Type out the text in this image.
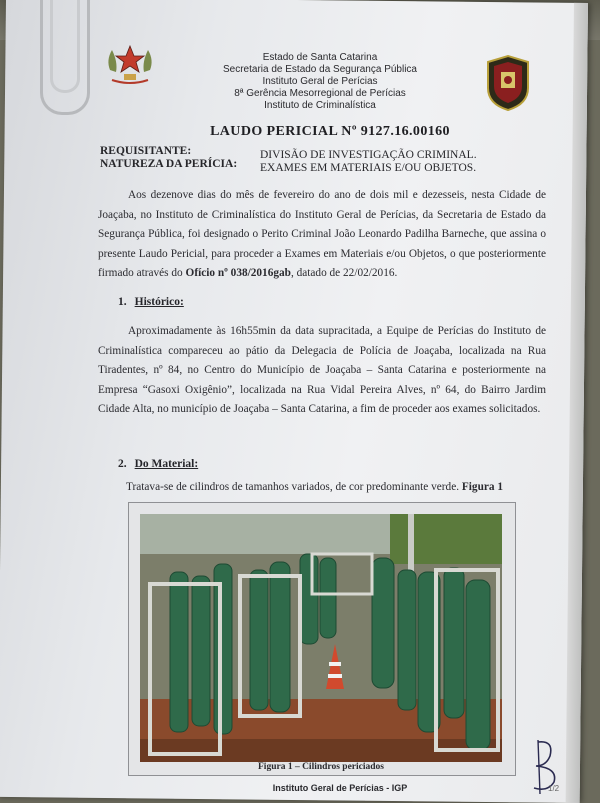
Estado de Santa Catarina
Secretaria de Estado da Segurança Pública
Instituto Geral de Perícias
8ª Gerência Mesorregional de Perícias
Instituto de Criminalística
LAUDO PERICIAL Nº 9127.16.00160
REQUISITANTE:	DIVISÃO DE INVESTIGAÇÃO CRIMINAL.
NATUREZA DA PERÍCIA: EXAMES EM MATERIAIS E/OU OBJETOS.
Aos dezenove dias do mês de fevereiro do ano de dois mil e dezesseis, nesta Cidade de Joaçaba, no Instituto de Criminalística do Instituto Geral de Perícias, da Secretaria de Estado da Segurança Pública, foi designado o Perito Criminal João Leonardo Padilha Barneche, que assina o presente Laudo Pericial, para proceder a Exames em Materiais e/ou Objetos, o que posteriormente firmado através do Ofício nº 038/2016gab, datado de 22/02/2016.
1. Histórico:
Aproximadamente às 16h55min da data supracitada, a Equipe de Perícias do Instituto de Criminalística compareceu ao pátio da Delegacia de Polícia de Joaçaba, localizada na Rua Tiradentes, nº 84, no Centro do Município de Joaçaba – Santa Catarina e posteriormente na Empresa “Gasoxi Oxigênio”, localizada na Rua Vidal Pereira Alves, nº 64, do Bairro Jardim Cidade Alta, no município de Joaçaba – Santa Catarina, a fim de proceder aos exames solicitados.
2. Do Material:
Tratava-se de cilindros de tamanhos variados, de cor predominante verde. Figura 1
Figura 1 – Cilindros periciados
1/2
Instituto Geral de Perícias - IGP
